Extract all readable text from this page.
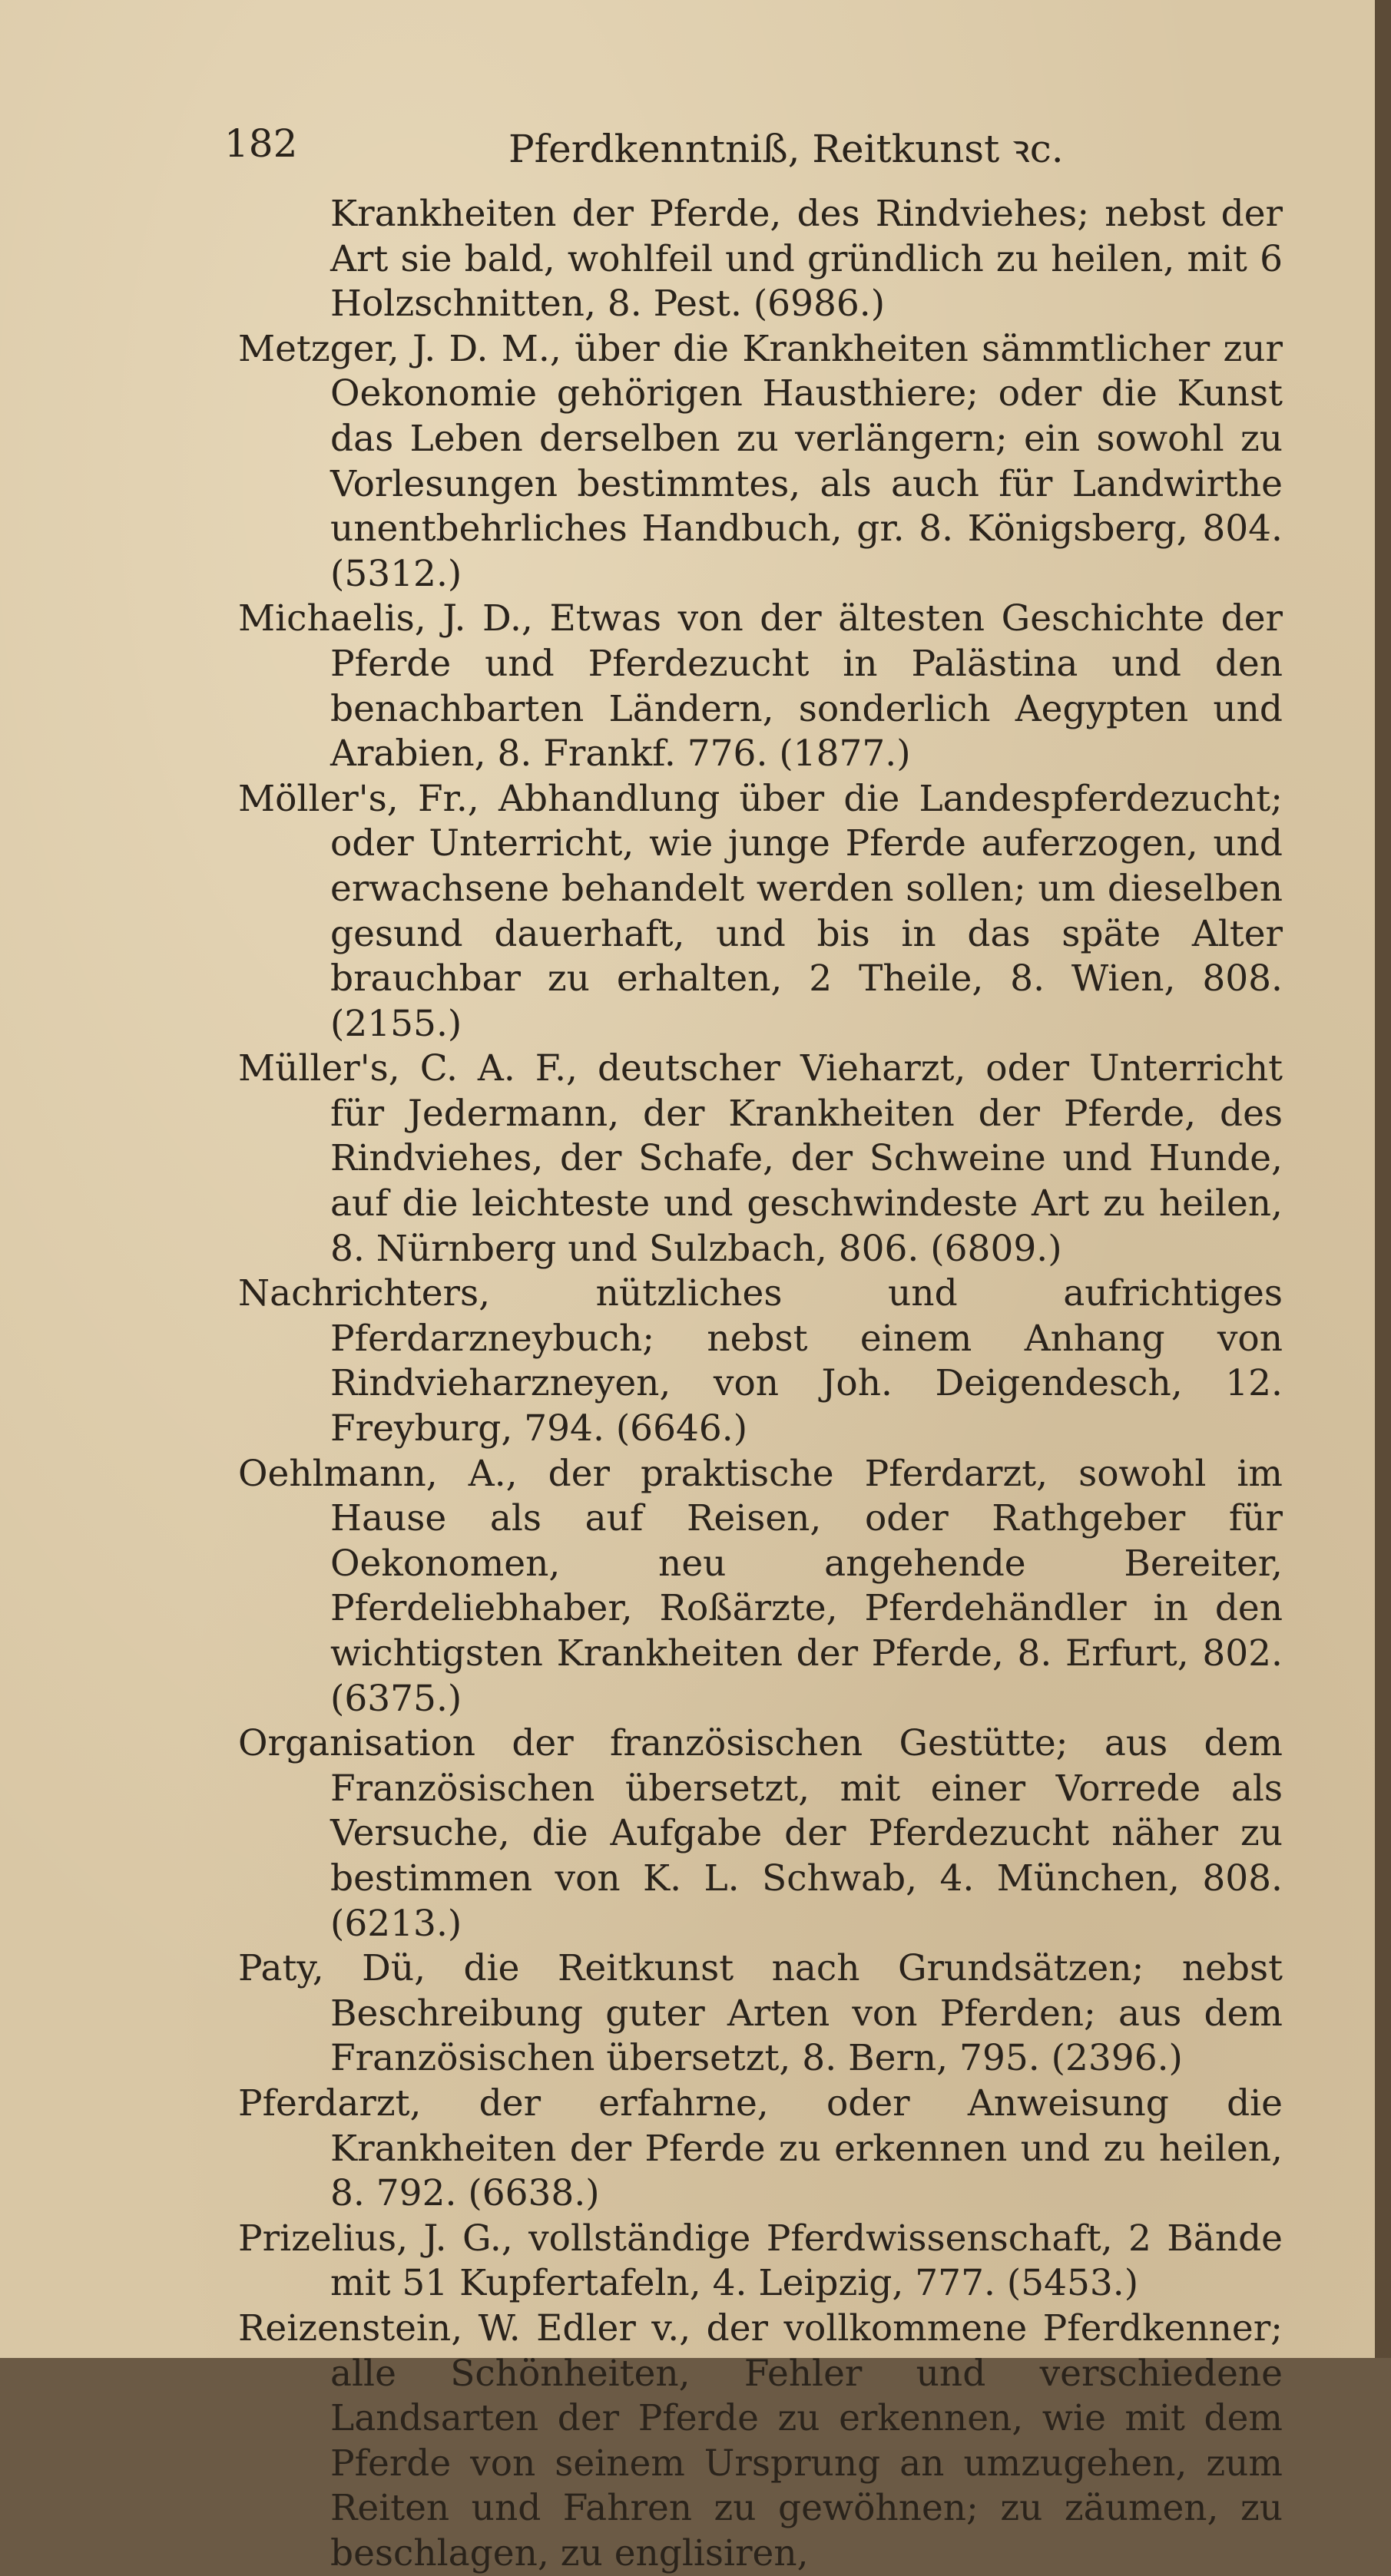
182	Pferdkenntniß, Reitkunst ꝛc.

Krankheiten der Pferde, des Rindviehes; nebst der Art sie bald, wohlfeil und gründlich zu heilen, mit 6 Holzschnitten, 8. Pest. (6986.)

Metzger, J. D. M., über die Krankheiten sämmtlicher zur Oekonomie gehörigen Hausthiere; oder die Kunst das Leben derselben zu verlängern; ein sowohl zu Vorlesungen bestimmtes, als auch für Landwirthe unentbehrliches Handbuch, gr. 8. Königsberg, 804. (5312.)

Michaelis, J. D., Etwas von der ältesten Geschichte der Pferde und Pferdezucht in Palästina und den benachbarten Ländern, sonderlich Aegypten und Arabien, 8. Frankf. 776. (1877.)

Möller's, Fr., Abhandlung über die Landespferdezucht; oder Unterricht, wie junge Pferde auferzogen, und erwachsene behandelt werden sollen; um dieselben gesund dauerhaft, und bis in das späte Alter brauchbar zu erhalten, 2 Theile, 8. Wien, 808. (2155.)

Müller's, C. A. F., deutscher Vieharzt, oder Unterricht für Jedermann, der Krankheiten der Pferde, des Rindviehes, der Schafe, der Schweine und Hunde, auf die leichteste und geschwindeste Art zu heilen, 8. Nürnberg und Sulzbach, 806. (6809.)

Nachrichters, nützliches und aufrichtiges Pferdarzneybuch; nebst einem Anhang von Rindvieharzneyen, von Joh. Deigendesch, 12. Freyburg, 794. (6646.)

Oehlmann, A., der praktische Pferdarzt, sowohl im Hause als auf Reisen, oder Rathgeber für Oekonomen, neu angehende Bereiter, Pferdeliebhaber, Roßärzte, Pferdehändler in den wichtigsten Krankheiten der Pferde, 8. Erfurt, 802. (6375.)

Organisation der französischen Gestütte; aus dem Französischen übersetzt, mit einer Vorrede als Versuche, die Aufgabe der Pferdezucht näher zu bestimmen von K. L. Schwab, 4. München, 808. (6213.)

Paty, Dü, die Reitkunst nach Grundsätzen; nebst Beschreibung guter Arten von Pferden; aus dem Französischen übersetzt, 8. Bern, 795. (2396.)

Pferdarzt, der erfahrne, oder Anweisung die Krankheiten der Pferde zu erkennen und zu heilen, 8. 792. (6638.)

Prizelius, J. G., vollständige Pferdwissenschaft, 2 Bände mit 51 Kupfertafeln, 4. Leipzig, 777. (5453.)

Reizenstein, W. Edler v., der vollkommene Pferdkenner; alle Schönheiten, Fehler und verschiedene Landsarten der Pferde zu erkennen, wie mit dem Pferde von seinem Ursprung an umzugehen, zum Reiten und Fahren zu gewöhnen; zu zäumen, zu beschlagen, zu englisiren,
